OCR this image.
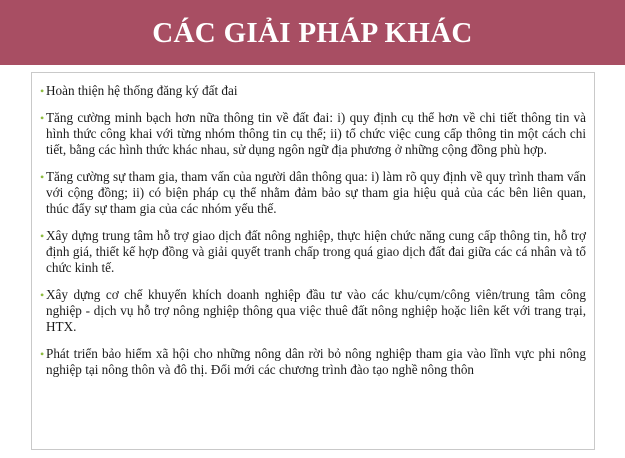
CÁC GIẢI PHÁP KHÁC
• Hoàn thiện hệ thống đăng ký đất đai
• Tăng cường minh bạch hơn nữa thông tin về đất đai: i) quy định cụ thể hơn về chi tiết thông tin và hình thức công khai với từng nhóm thông tin cụ thể; ii) tổ chức việc cung cấp thông tin một cách chi tiết, bằng các hình thức khác nhau, sử dụng ngôn ngữ địa phương ở những cộng đồng phù hợp.
• Tăng cường sự tham gia, tham vấn của người dân thông qua: i) làm rõ quy định về quy trình tham vấn với cộng đồng; ii) có biện pháp cụ thể nhằm đảm bảo sự tham gia hiệu quả của các bên liên quan, thúc đẩy sự tham gia của các nhóm yếu thế.
• Xây dựng trung tâm hỗ trợ giao dịch đất nông nghiệp, thực hiện chức năng cung cấp thông tin, hỗ trợ định giá, thiết kế hợp đồng và giải quyết tranh chấp trong quá giao dịch đất đai giữa các cá nhân và tổ chức kinh tế.
• Xây dựng cơ chế khuyến khích doanh nghiệp đầu tư vào các khu/cụm/công viên/trung tâm công nghiệp - dịch vụ hỗ trợ nông nghiệp thông qua việc thuê đất nông nghiệp hoặc liên kết với trang trại, HTX.
• Phát triển bảo hiểm xã hội cho những nông dân rời bỏ nông nghiệp tham gia vào lĩnh vực phi nông nghiệp tại nông thôn và đô thị. Đổi mới các chương trình đào tạo nghề nông thôn
